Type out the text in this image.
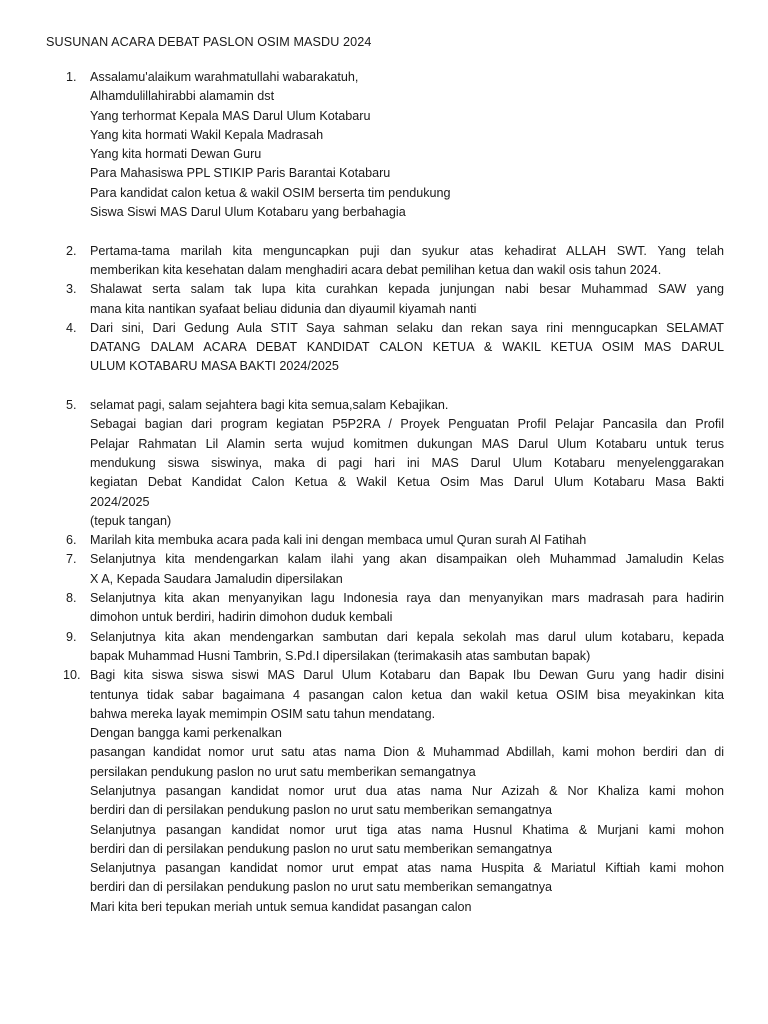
SUSUNAN ACARA DEBAT PASLON OSIM MASDU 2024
1. Assalamu'alaikum warahmatullahi wabarakatuh,
Alhamdulillahirabbi alamamin dst
Yang terhormat Kepala MAS Darul Ulum Kotabaru
Yang kita hormati Wakil Kepala Madrasah
Yang kita hormati Dewan Guru
Para Mahasiswa PPL STIKIP Paris Barantai Kotabaru
Para kandidat calon ketua & wakil OSIM berserta tim pendukung
Siswa Siswi MAS Darul Ulum Kotabaru yang berbahagia
2. Pertama-tama marilah kita menguncapkan puji dan syukur atas kehadirat ALLAH SWT. Yang telah
memberikan kita kesehatan dalam menghadiri acara debat pemilihan ketua dan wakil osis tahun 2024.
3. Shalawat serta salam tak lupa kita curahkan kepada junjungan nabi besar Muhammad SAW yang
mana kita nantikan syafaat beliau didunia dan diyaumil kiyamah nanti
4. Dari sini, Dari Gedung Aula STIT Saya sahman selaku dan rekan saya rini menngucapkan SELAMAT
DATANG DALAM ACARA DEBAT KANDIDAT CALON KETUA & WAKIL KETUA OSIM MAS DARUL
ULUM KOTABARU MASA BAKTI 2024/2025
5. selamat pagi, salam sejahtera bagi kita semua,salam Kebajikan.
Sebagai bagian dari program kegiatan P5P2RA / Proyek Penguatan Profil Pelajar Pancasila dan Profil
Pelajar Rahmatan Lil Alamin serta wujud komitmen dukungan MAS Darul Ulum Kotabaru untuk terus
mendukung siswa siswinya, maka di pagi hari ini MAS Darul Ulum Kotabaru menyelenggarakan
kegiatan Debat Kandidat Calon Ketua & Wakil Ketua Osim Mas Darul Ulum Kotabaru Masa Bakti
2024/2025
(tepuk tangan)
6. Marilah kita membuka acara pada kali ini dengan membaca umul Quran surah Al Fatihah
7. Selanjutnya kita mendengarkan kalam ilahi yang akan disampaikan oleh Muhammad Jamaludin Kelas
X A, Kepada Saudara Jamaludin dipersilakan
8. Selanjutnya kita akan menyanyikan lagu Indonesia raya dan menyanyikan mars madrasah para hadirin
dimohon untuk berdiri, hadirin dimohon duduk kembali
9. Selanjutnya kita akan mendengarkan sambutan dari kepala sekolah mas darul ulum kotabaru, kepada
bapak Muhammad Husni Tambrin, S.Pd.I dipersilakan (terimakasih atas sambutan bapak)
10. Bagi kita siswa siswa siswi MAS Darul Ulum Kotabaru dan Bapak Ibu Dewan Guru yang hadir disini
tentunya tidak sabar bagaimana 4 pasangan calon ketua dan wakil ketua OSIM bisa meyakinkan kita
bahwa mereka layak memimpin OSIM satu tahun mendatang.
Dengan bangga kami perkenalkan
pasangan kandidat nomor urut satu atas nama Dion & Muhammad Abdillah, kami mohon berdiri dan di
persilakan pendukung paslon no urut satu memberikan semangatnya
Selanjutnya pasangan kandidat nomor urut dua atas nama Nur Azizah & Nor Khaliza kami mohon
berdiri dan di persilakan pendukung paslon no urut satu memberikan semangatnya
Selanjutnya pasangan kandidat nomor urut tiga atas nama Husnul Khatima & Murjani kami mohon
berdiri dan di persilakan pendukung paslon no urut satu memberikan semangatnya
Selanjutnya pasangan kandidat nomor urut empat atas nama Huspita & Mariatul Kiftiah kami mohon
berdiri dan di persilakan pendukung paslon no urut satu memberikan semangatnya
Mari kita beri tepukan meriah untuk semua kandidat pasangan calon
